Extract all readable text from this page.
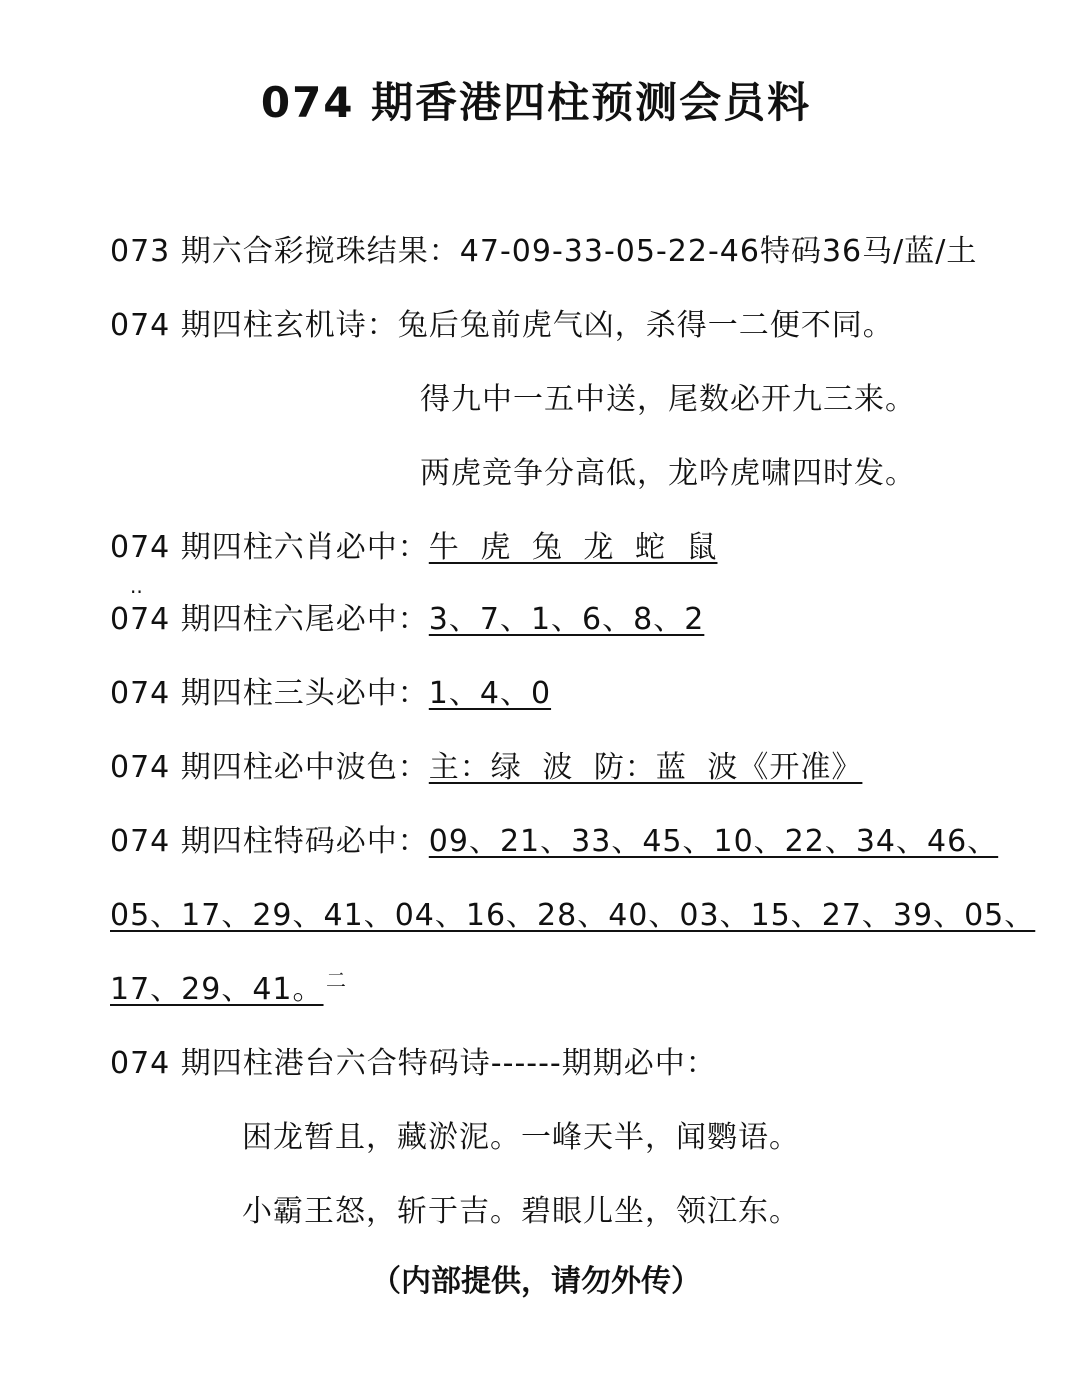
074 期香港四柱预测会员料
073 期六合彩搅珠结果：47-09-33-05-22-46特码36马/蓝/土
074 期四柱玄机诗：兔后兔前虎气凶，杀得一二便不同。
得九中一五中送，尾数必开九三来。
两虎竞争分高低，龙吟虎啸四时发。
074 期四柱六肖必中：牛 虎 兔 龙 蛇 鼠
..
074 期四柱六尾必中：3、7、1、6、8、2
074 期四柱三头必中：1、4、0
074 期四柱必中波色：主：绿 波 防：蓝 波《开准》
074 期四柱特码必中：09、21、33、45、10、22、34、46、
05、17、29、41、04、16、28、40、03、15、27、39、05、
17、29、41。 二
074 期四柱港台六合特码诗------期期必中：
困龙暂且，藏淤泥。一峰天半，闻鹦语。
小霸王怒，斩于吉。碧眼儿坐，领江东。
（内部提供，请勿外传）
